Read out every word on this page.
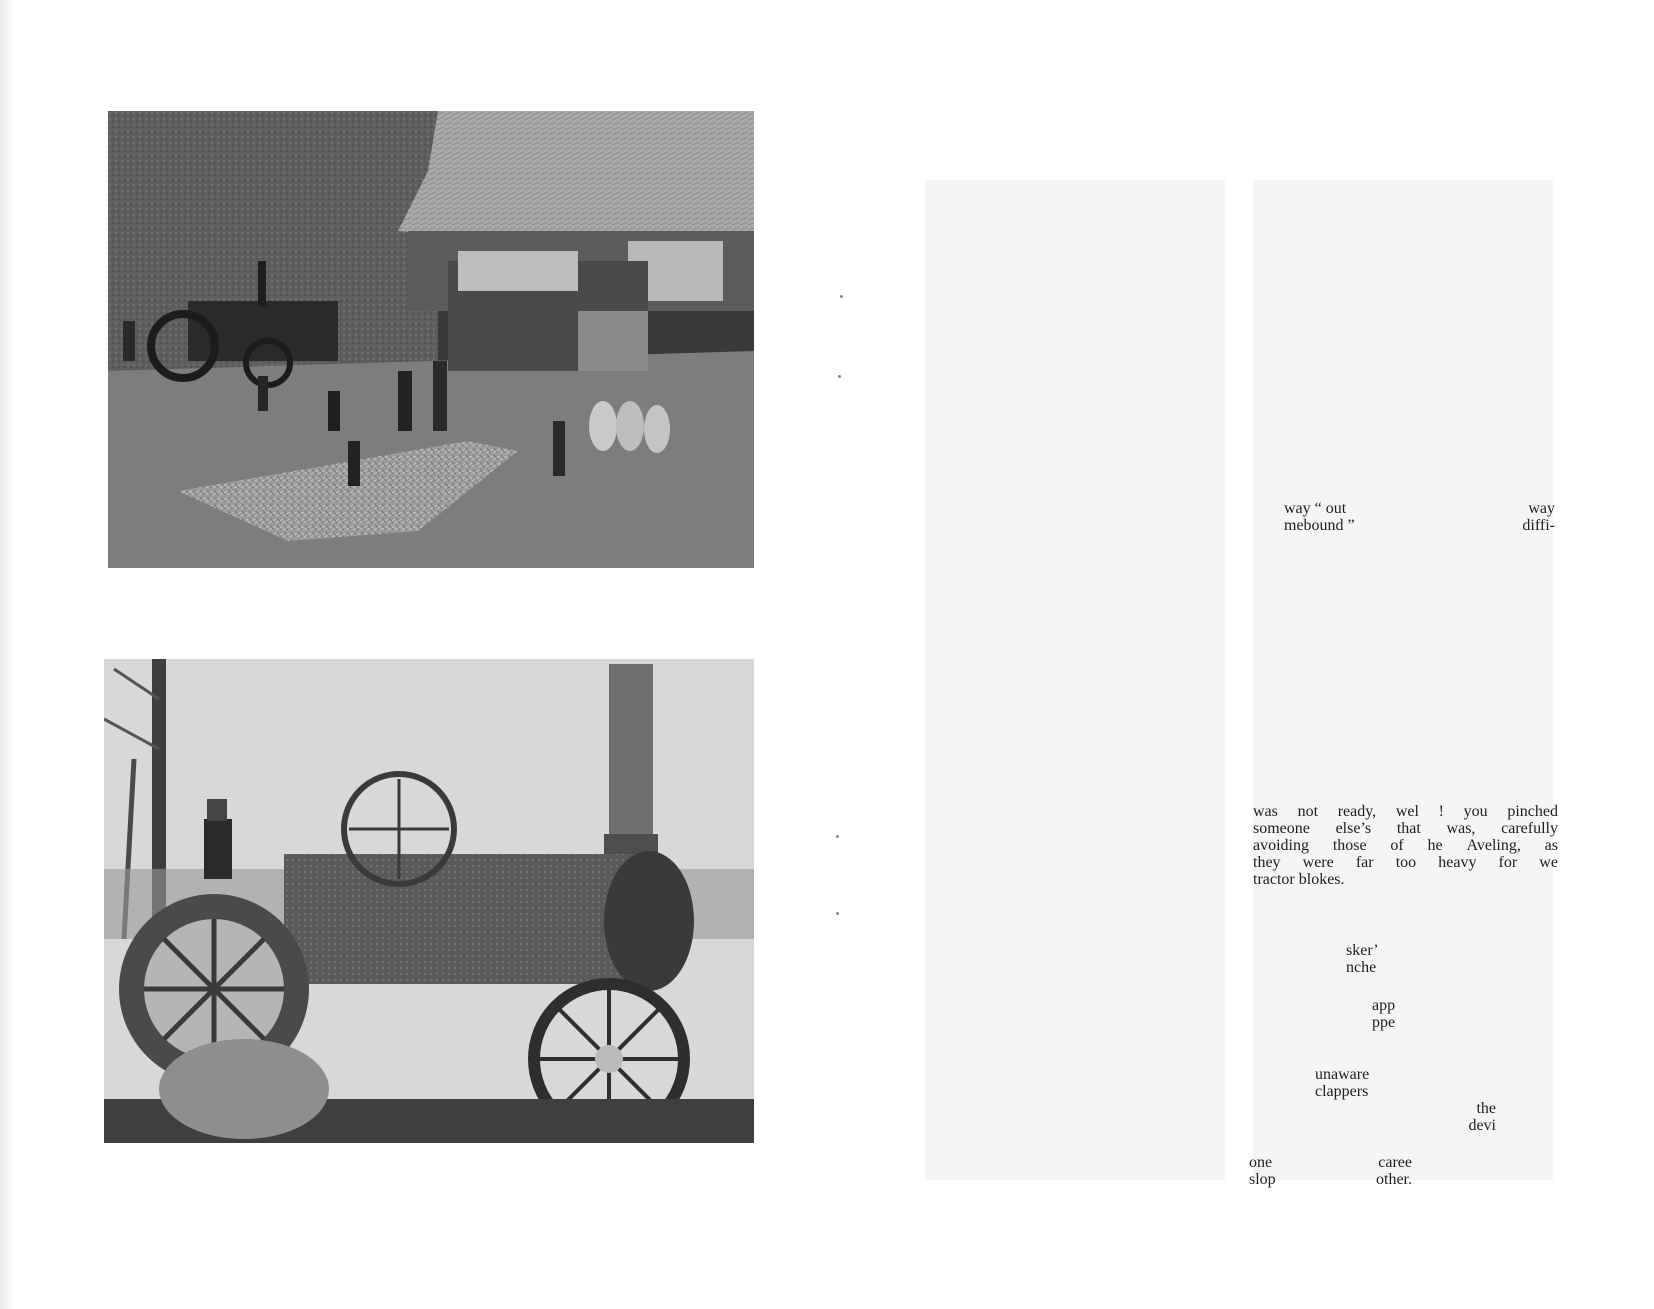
way “ out
mebound ”
way
diffi-
was not ready, wel ! you pinched
someone else’s that was, carefully
avoiding those of he Aveling, as
they were far too heavy for we
tractor blokes.
sker’
nche
app
ppe
unaware
clappers
the
devi
one
slop
caree
other.
